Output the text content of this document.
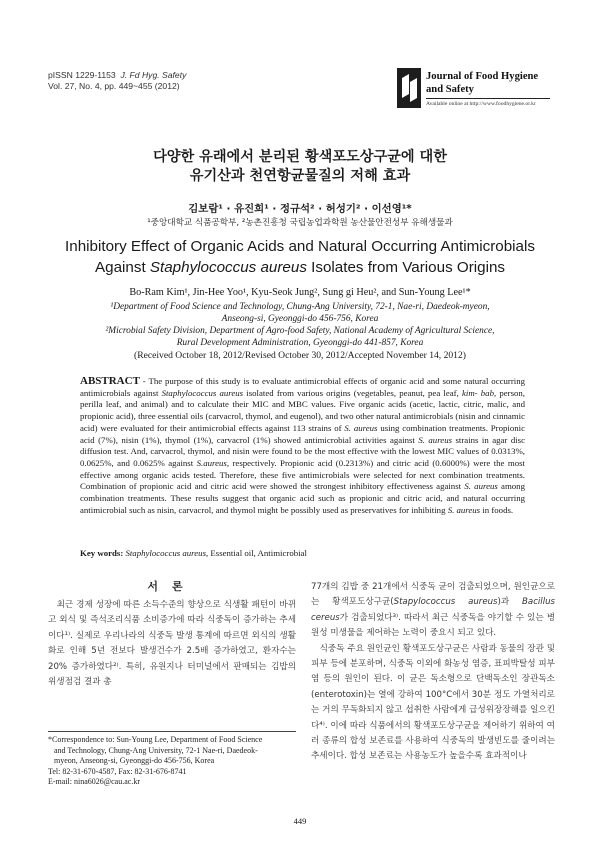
pISSN 1229-1153 J. Fd Hyg. Safety
Vol. 27, No. 4, pp. 449~455 (2012)
Journal of Food Hygiene
and Safety
Available online at http://www.foodhygiene.or.kr
다양한 유래에서 분리된 황색포도상구균에 대한
유기산과 천연항균물질의 저해 효과
김보람¹ · 유진희¹ · 정규석² · 허성기² · 이선영¹*
¹중앙대학교 식품공학부, ²농촌진흥청 국립농업과학원 농산물안전성부 유해생물과
Inhibitory Effect of Organic Acids and Natural Occurring Antimicrobials
Against Staphylococcus aureus Isolates from Various Origins
Bo-Ram Kim¹, Jin-Hee Yoo¹, Kyu-Seok Jung², Sung gi Heu², and Sun-Young Lee¹*
¹Department of Food Science and Technology, Chung-Ang University, 72-1, Nae-ri, Daedeok-myeon,
Anseong-si, Gyeonggi-do 456-756, Korea
²Microbial Safety Division, Department of Agro-food Safety, National Academy of Agricultural Science,
Rural Development Administration, Gyeonggi-do 441-857, Korea
(Received October 18, 2012/Revised October 30, 2012/Accepted November 14, 2012)
ABSTRACT - The purpose of this study is to evaluate antimicrobial effects of organic acid and some natural occurring antimicrobials against Staphylococcus aureus isolated from various origins (vegetables, peanut, pea leaf, kim- bab, person, perilla leaf, and animal) and to calculate their MIC and MBC values. Five organic acids (acetic, lactic, citric, malic, and propionic acid), three essential oils (carvacrol, thymol, and eugenol), and two other natural antimicrobials (nisin and cinnamic acid) were evaluated for their antimicrobial effects against 113 strains of S. aureus using combination treatments. Propionic acid (7%), nisin (1%), thymol (1%), carvacrol (1%) showed antimicrobial activities against S. aureus strains in agar disc diffusion test. And, carvacrol, thymol, and nisin were found to be the most effective with the lowest MIC values of 0.0313%, 0.0625%, and 0.0625% against S.aureus, respectively. Propionic acid (0.2313%) and citric acid (0.6000%) were the most effective among organic acids tested. Therefore, these five antimicrobials were selected for next combination treatments. Combination of propionic acid and citric acid were showed the strongest inhibitory effectiveness against S. aureus among combination treatments. These results suggest that organic acid such as propionic and citric acid, and natural occurring antimicrobial such as nisin, carvacrol, and thymol might be possibly used as preservatives for inhibiting S. aureus in foods.
Key words: Staphylococcus aureus, Essential oil, Antimicrobial
서론

최근 경제 성장에 따른 소득수준의 향상으로 식생활 패턴이 바뀌고 외식 및 즉석조리식품 소비증가에 따라 식중독이 증가하는 추세이다¹⁾. 실제로 우리나라의 식중독 발생 통계에 따르면 외식의 생활화로 인해 5년 전보다 발생건수가 2.5배 증가하였고, 환자수는 20% 증가하였다²⁾. 특히, 유원지나 터미널에서 판매되는 김밥의 위생점검 결과 총

*Correspondence to: Sun-Young Lee, Department of Food Science
and Technology, Chung-Ang University, 72-1 Nae-ri, Daedeok-
myeon, Anseong-si, Gyeonggi-do 456-756, Korea
Tel: 82-31-670-4587, Fax: 82-31-676-8741
E-mail: nina6026@cau.ac.kr

77개의 김밥 중 21개에서 식중독 균이 검출되었으며, 원인균으로는 황색포도상구균(Stapylococcus aureus)과 Bacillus cereus가 검출되었다³⁾. 따라서 최근 식중독을 야기할 수 있는 병원성 미생물을 제어하는 노력이 중요시 되고 있다.

식중독 주요 원인균인 황색포도상구균은 사람과 동물의 장관 및 피부 등에 분포하며, 식중독 이외에 화농성 염증, 표피박탈성 피부염 등의 원인이 된다. 이 균은 독소형으로 단백독소인 장관독소(enterotoxin)는 열에 강하여 100°C에서 30분 정도 가열처리로는 거의 무독화되지 않고 섭취한 사람에게 급성위장장해를 일으킨다⁴⁾. 이에 따라 식품에서의 황색포도상구균을 제어하기 위하여 여러 종류의 합성 보존료를 사용하여 식중독의 발생빈도를 줄이려는 추세이다. 합성 보존료는 사용농도가 높을수록 효과적이나

449
